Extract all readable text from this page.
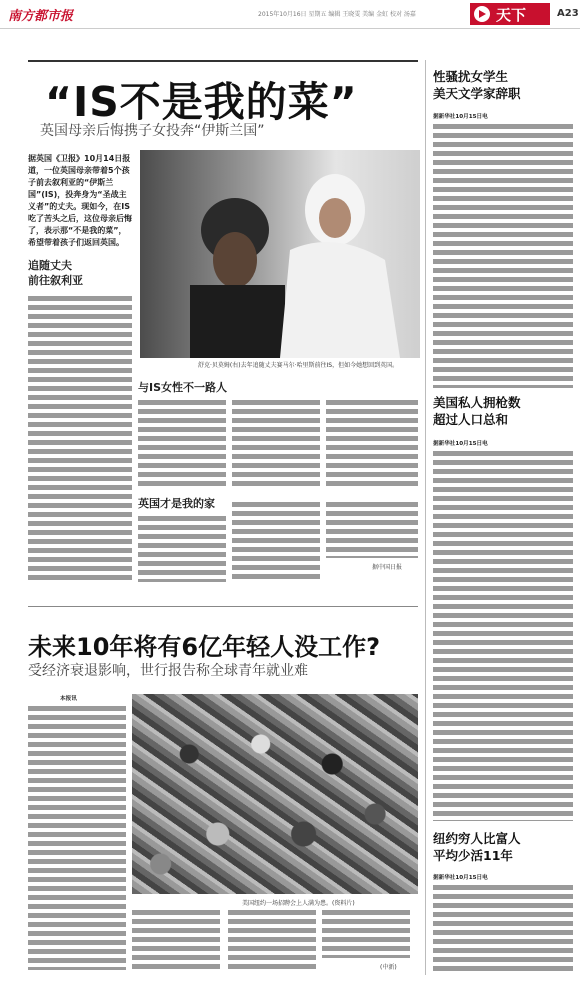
南方都市报	2015年10月16日 星期五 编辑 王晓雯 美编 金虹 校对 汤嘉	天下	A23
“IS不是我的菜”
英国母亲后悔携子女投奔“伊斯兰国”
据英国《卫报》10月14日报道，一位英国母亲带着5个孩子前去叙利亚的“伊斯兰国”(IS)，投奔身为“圣战主义者”的丈夫。现如今，在IS吃了苦头之后，这位母亲后悔了，表示那“不是我的菜”，希望带着孩子们返回英国。
追随丈夫
前往叙利亚
舒克·贝莫姆(右)去年追随丈夫赛马尔·哈里斯前往IS，但如今她想回到英国。
与IS女性不一路人
英国才是我的家
据中国日报
未来10年将有6亿年轻人没工作?
受经济衰退影响，世行报告称全球青年就业难
本报讯
美国纽约一场招聘会上人满为患。(资料片)
(中新)
性骚扰女学生
美天文学家辞职
据新华社10月15日电
美国私人拥枪数
超过人口总和
据新华社10月15日电
纽约穷人比富人
平均少活11年
据新华社10月15日电
